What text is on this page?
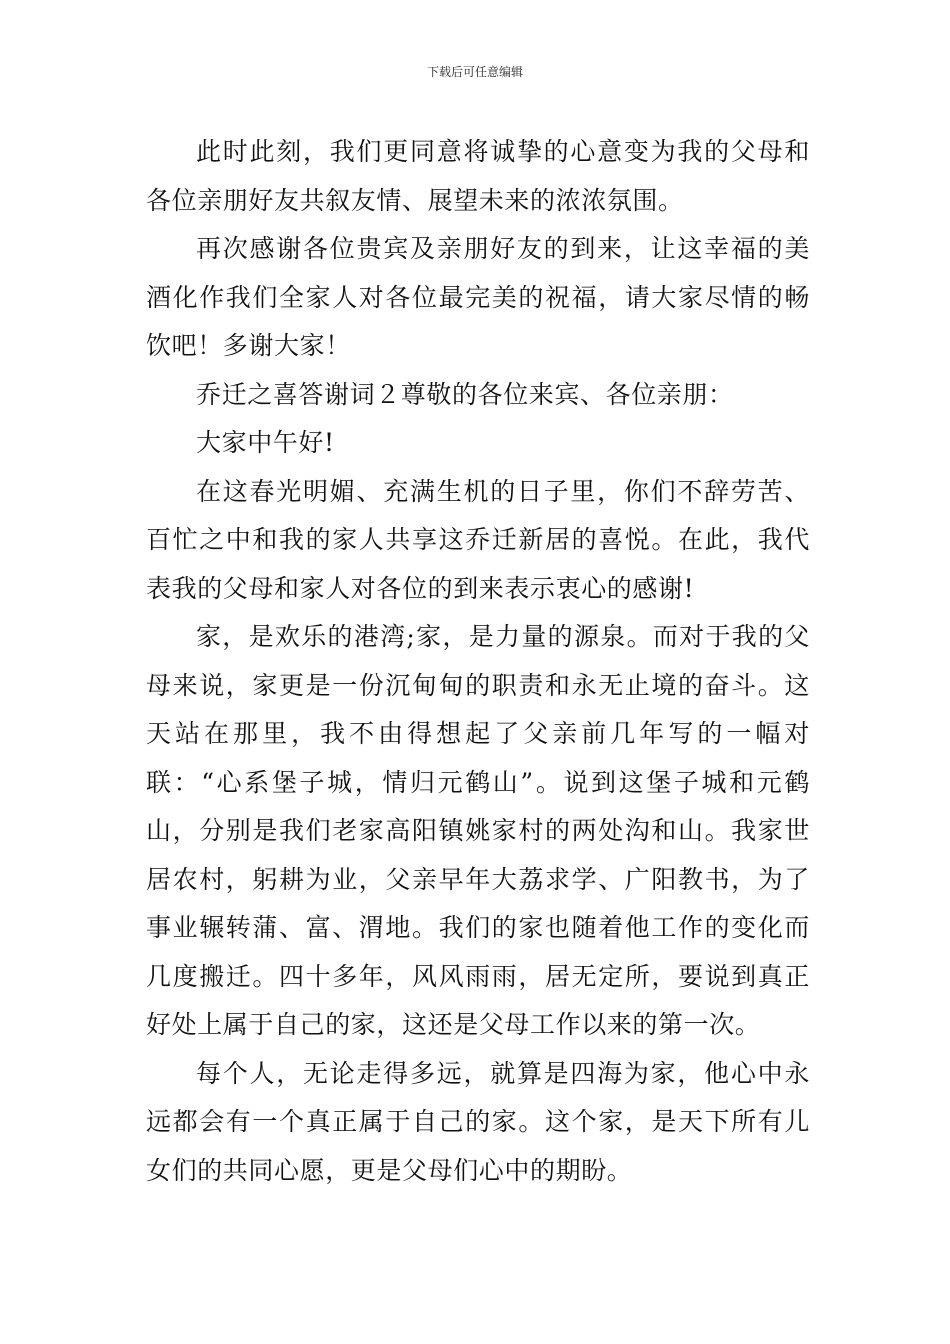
下载后可任意编辑

此时此刻，我们更同意将诚挚的心意变为我的父母和各位亲朋好友共叙友情、展望未来的浓浓氛围。

再次感谢各位贵宾及亲朋好友的到来，让这幸福的美酒化作我们全家人对各位最完美的祝福，请大家尽情的畅饮吧！多谢大家！

乔迁之喜答谢词２尊敬的各位来宾、各位亲朋：

大家中午好!

在这春光明媚、充满生机的日子里，你们不辞劳苦、百忙之中和我的家人共享这乔迁新居的喜悦。在此，我代表我的父母和家人对各位的到来表示衷心的感谢!

家，是欢乐的港湾;家，是力量的源泉。而对于我的父母来说，家更是一份沉甸甸的职责和永无止境的奋斗。这天站在那里，我不由得想起了父亲前几年写的一幅对联：“心系堡子城，情归元鹤山”。说到这堡子城和元鹤山，分别是我们老家高阳镇姚家村的两处沟和山。我家世居农村，躬耕为业，父亲早年大荔求学、广阳教书，为了事业辗转蒲、富、渭地。我们的家也随着他工作的变化而几度搬迁。四十多年，风风雨雨，居无定所，要说到真正好处上属于自己的家，这还是父母工作以来的第一次。

每个人，无论走得多远，就算是四海为家，他心中永远都会有一个真正属于自己的家。这个家，是天下所有儿女们的共同心愿，更是父母们心中的期盼。
